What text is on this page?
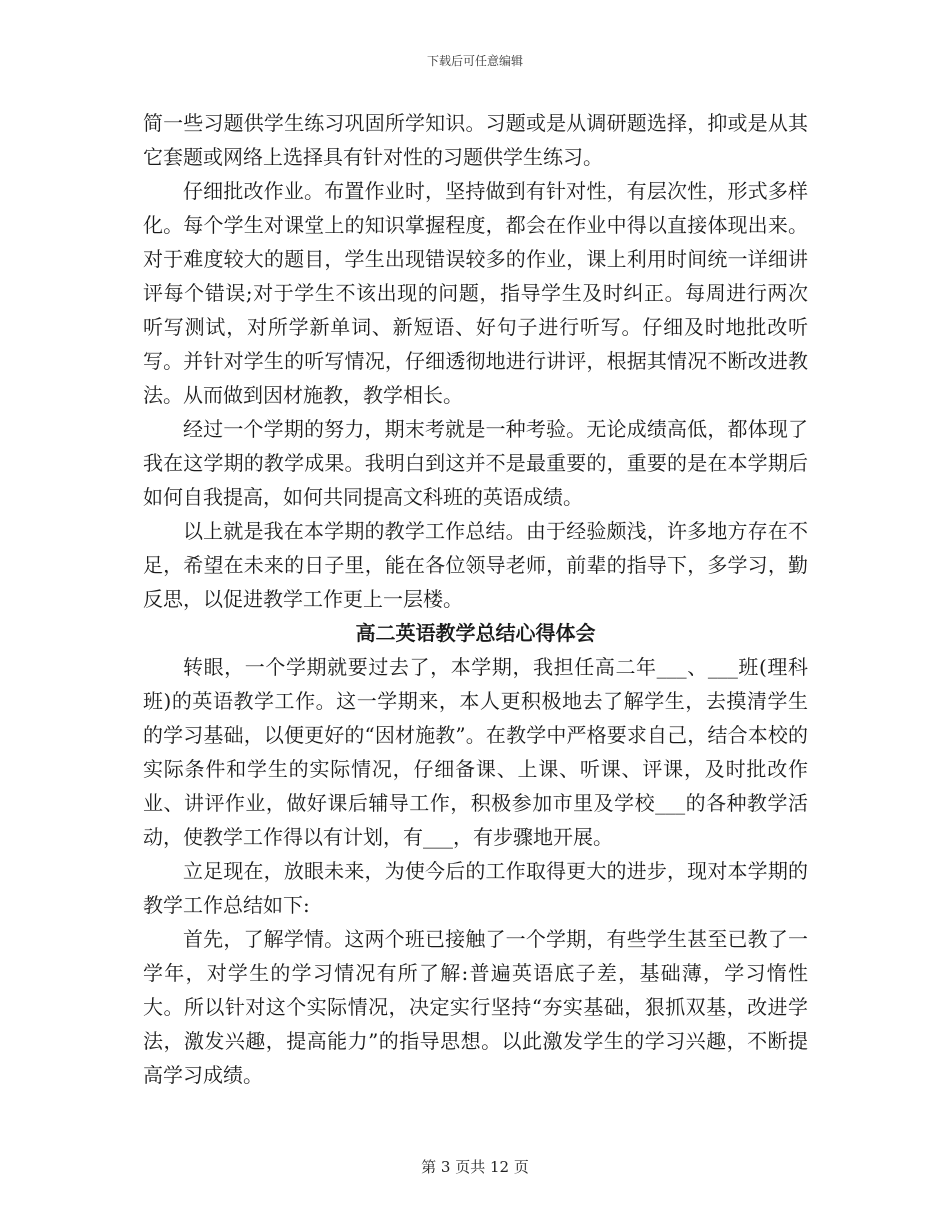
下载后可任意编辑

简一些习题供学生练习巩固所学知识。习题或是从调研题选择，抑或是从其它套题或网络上选择具有针对性的习题供学生练习。

仔细批改作业。布置作业时，坚持做到有针对性，有层次性，形式多样化。每个学生对课堂上的知识掌握程度，都会在作业中得以直接体现出来。对于难度较大的题目，学生出现错误较多的作业，课上利用时间统一详细讲评每个错误;对于学生不该出现的问题，指导学生及时纠正。每周进行两次听写测试，对所学新单词、新短语、好句子进行听写。仔细及时地批改听写。并针对学生的听写情况，仔细透彻地进行讲评，根据其情况不断改进教法。从而做到因材施教，教学相长。

经过一个学期的努力，期末考就是一种考验。无论成绩高低，都体现了我在这学期的教学成果。我明白到这并不是最重要的，重要的是在本学期后如何自我提高，如何共同提高文科班的英语成绩。

以上就是我在本学期的教学工作总结。由于经验颇浅，许多地方存在不足，希望在未来的日子里，能在各位领导老师，前辈的指导下，多学习，勤反思，以促进教学工作更上一层楼。

高二英语教学总结心得体会

转眼，一个学期就要过去了，本学期，我担任高二年___、___班(理科班)的英语教学工作。这一学期来，本人更积极地去了解学生，去摸清学生的学习基础，以便更好的“因材施教”。在教学中严格要求自己，结合本校的实际条件和学生的实际情况，仔细备课、上课、听课、评课，及时批改作业、讲评作业，做好课后辅导工作，积极参加市里及学校___的各种教学活动，使教学工作得以有计划，有___，有步骤地开展。

立足现在，放眼未来，为使今后的工作取得更大的进步，现对本学期的教学工作总结如下:

首先，了解学情。这两个班已接触了一个学期，有些学生甚至已教了一学年，对学生的学习情况有所了解:普遍英语底子差，基础薄，学习惰性大。所以针对这个实际情况，决定实行坚持“夯实基础，狠抓双基，改进学法，激发兴趣，提高能力”的指导思想。以此激发学生的学习兴趣，不断提高学习成绩。

第 3 页共 12 页
